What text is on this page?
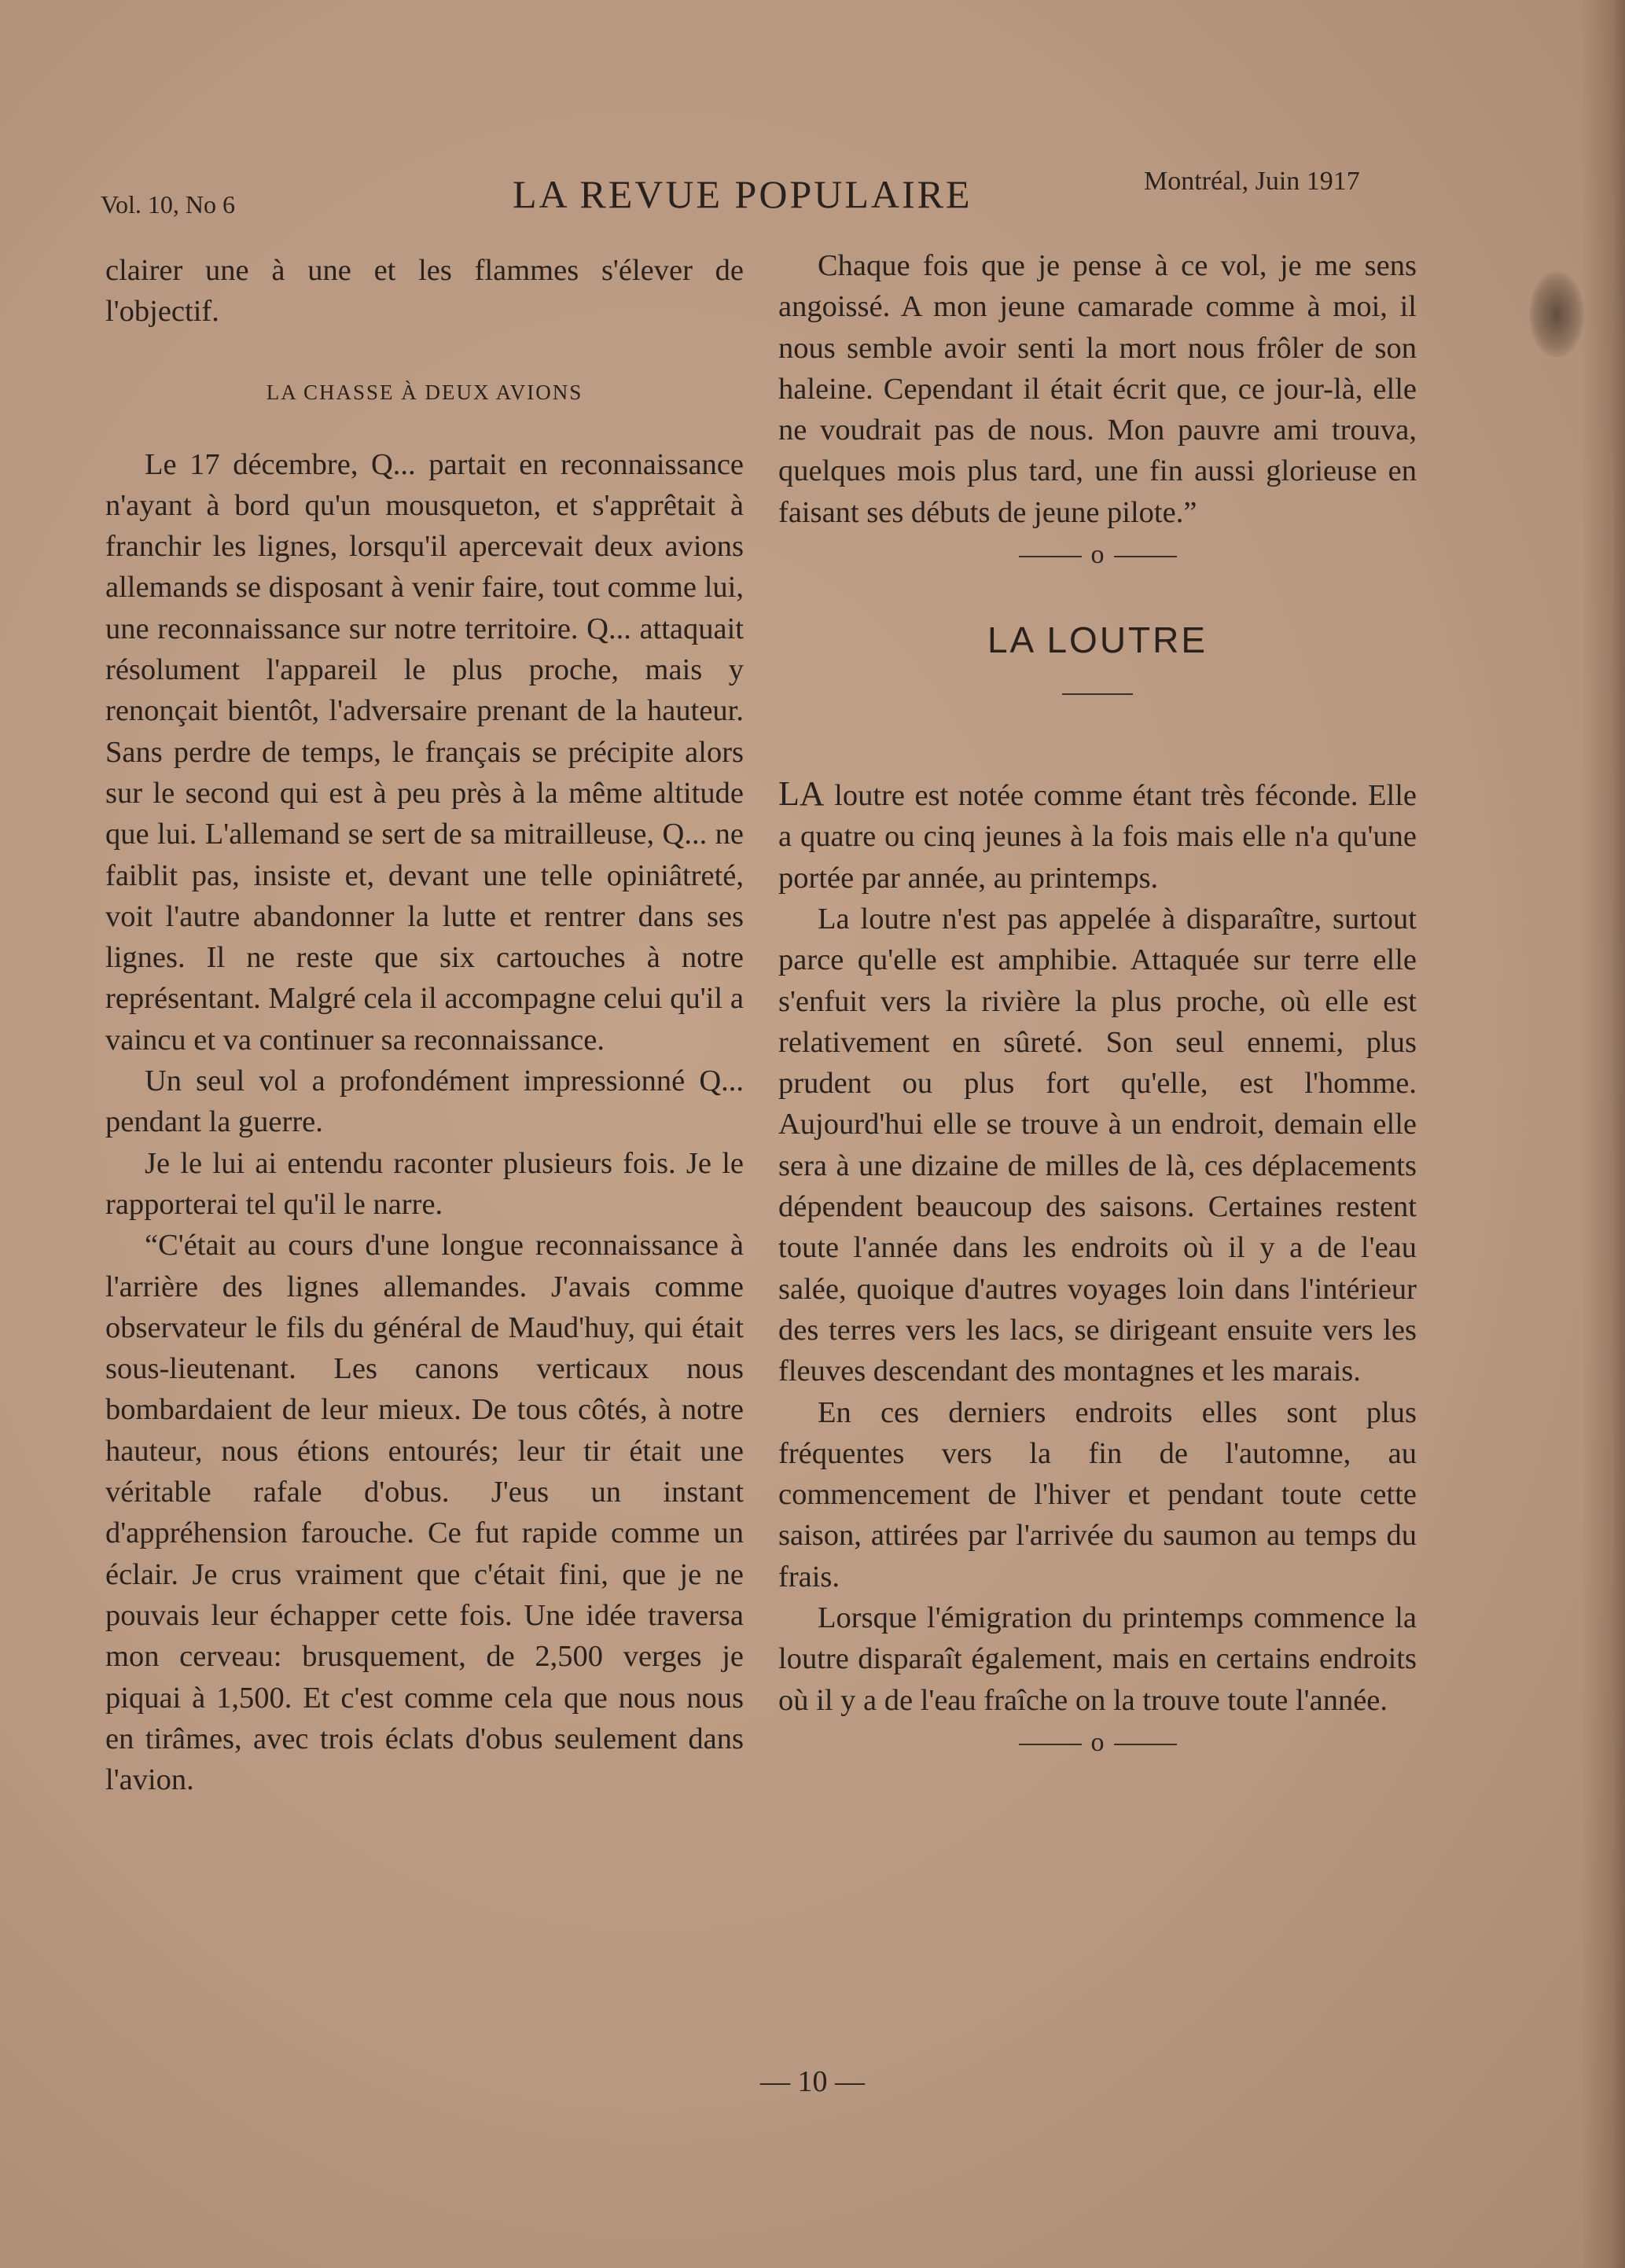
Vol. 10, No 6	LA REVUE POPULAIRE	Montréal, Juin 1917

clairer une à une et les flammes s'élever de l'objectif.

LA CHASSE À DEUX AVIONS

Le 17 décembre, Q... partait en reconnaissance n'ayant à bord qu'un mousqueton, et s'apprêtait à franchir les lignes, lorsqu'il apercevait deux avions allemands se disposant à venir faire, tout comme lui, une reconnaissance sur notre territoire. Q... attaquait résolument l'appareil le plus proche, mais y renonçait bientôt, l'adversaire prenant de la hauteur. Sans perdre de temps, le français se précipite alors sur le second qui est à peu près à la même altitude que lui. L'allemand se sert de sa mitrailleuse, Q... ne faiblit pas, insiste et, devant une telle opiniâtreté, voit l'autre abandonner la lutte et rentrer dans ses lignes. Il ne reste que six cartouches à notre représentant. Malgré cela il accompagne celui qu'il a vaincu et va continuer sa reconnaissance.

Un seul vol a profondément impressionné Q... pendant la guerre.

Je le lui ai entendu raconter plusieurs fois. Je le rapporterai tel qu'il le narre.

“C'était au cours d'une longue reconnaissance à l'arrière des lignes allemandes. J'avais comme observateur le fils du général de Maud'huy, qui était sous-lieutenant. Les canons verticaux nous bombardaient de leur mieux. De tous côtés, à notre hauteur, nous étions entourés; leur tir était une véritable rafale d'obus. J'eus un instant d'appréhension farouche. Ce fut rapide comme un éclair. Je crus vraiment que c'était fini, que je ne pouvais leur échapper cette fois. Une idée traversa mon cerveau: brusquement, de 2,500 verges je piquai à 1,500. Et c'est comme cela que nous nous en tirâmes, avec trois éclats d'obus seulement dans l'avion.

Chaque fois que je pense à ce vol, je me sens angoissé. A mon jeune camarade comme à moi, il nous semble avoir senti la mort nous frôler de son haleine. Cependant il était écrit que, ce jour-là, elle ne voudrait pas de nous. Mon pauvre ami trouva, quelques mois plus tard, une fin aussi glorieuse en faisant ses débuts de jeune pilote.”

o
LA LOUTRE

LA loutre est notée comme étant très féconde. Elle a quatre ou cinq jeunes à la fois mais elle n'a qu'une portée par année, au printemps.

La loutre n'est pas appelée à disparaître, surtout parce qu'elle est amphibie. Attaquée sur terre elle s'enfuit vers la rivière la plus proche, où elle est relativement en sûreté. Son seul ennemi, plus prudent ou plus fort qu'elle, est l'homme. Aujourd'hui elle se trouve à un endroit, demain elle sera à une dizaine de milles de là, ces déplacements dépendent beaucoup des saisons. Certaines restent toute l'année dans les endroits où il y a de l'eau salée, quoique d'autres voyages loin dans l'intérieur des terres vers les lacs, se dirigeant ensuite vers les fleuves descendant des montagnes et les marais.

En ces derniers endroits elles sont plus fréquentes vers la fin de l'automne, au commencement de l'hiver et pendant toute cette saison, attirées par l'arrivée du saumon au temps du frais.

Lorsque l'émigration du printemps commence la loutre disparaît également, mais en certains endroits où il y a de l'eau fraîche on la trouve toute l'année.

o
— 10 —
